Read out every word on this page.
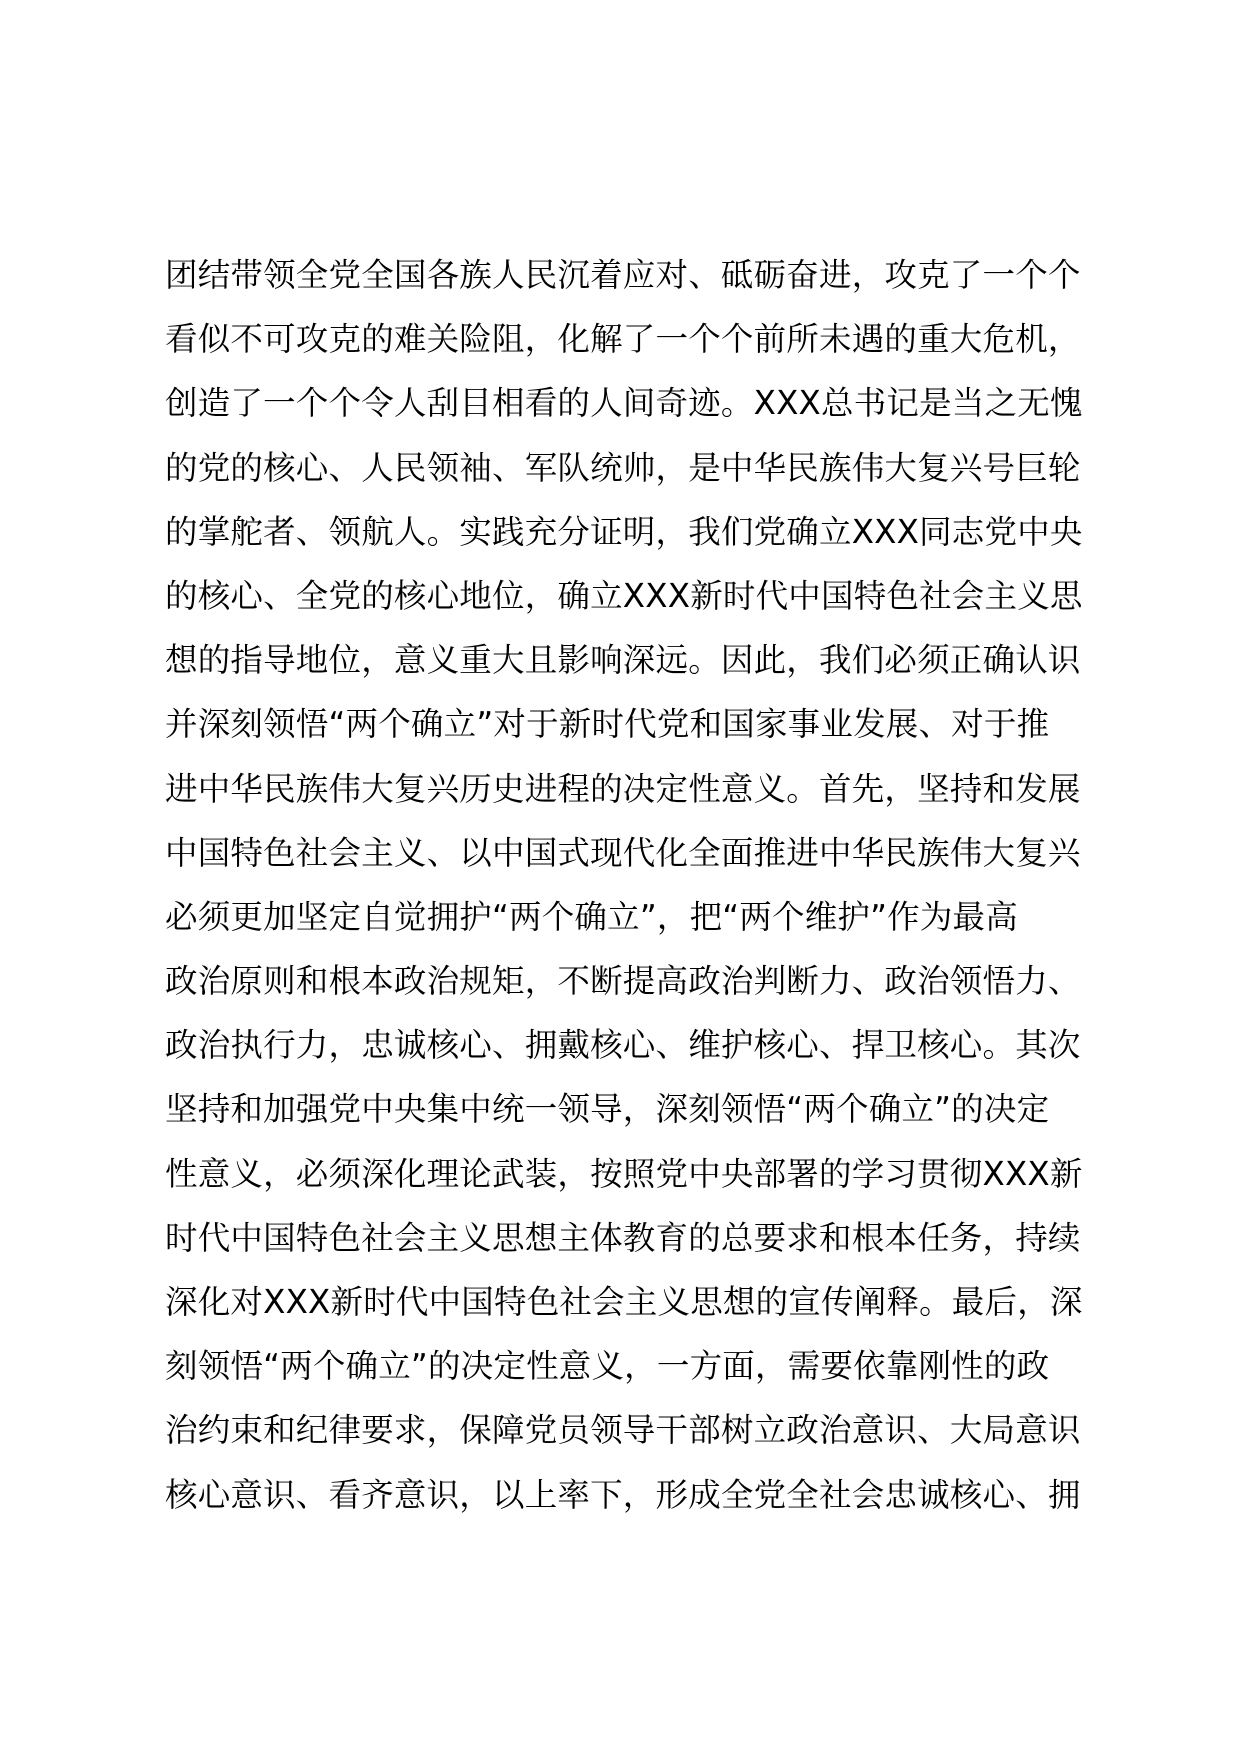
团结带领全党全国各族人民沉着应对、砥砺奋进，攻克了一个个
看似不可攻克的难关险阻，化解了一个个前所未遇的重大危机，
创造了一个个令人刮目相看的人间奇迹。XXX总书记是当之无愧
的党的核心、人民领袖、军队统帅，是中华民族伟大复兴号巨轮
的掌舵者、领航人。实践充分证明，我们党确立XXX同志党中央
的核心、全党的核心地位，确立XXX新时代中国特色社会主义思
想的指导地位，意义重大且影响深远。因此，我们必须正确认识
并深刻领悟“两个确立”对于新时代党和国家事业发展、对于推
进中华民族伟大复兴历史进程的决定性意义。首先，坚持和发展
中国特色社会主义、以中国式现代化全面推进中华民族伟大复兴
必须更加坚定自觉拥护“两个确立”，把“两个维护”作为最高
政治原则和根本政治规矩，不断提高政治判断力、政治领悟力、
政治执行力，忠诚核心、拥戴核心、维护核心、捍卫核心。其次
坚持和加强党中央集中统一领导，深刻领悟“两个确立”的决定
性意义，必须深化理论武装，按照党中央部署的学习贯彻XXX新
时代中国特色社会主义思想主体教育的总要求和根本任务，持续
深化对XXX新时代中国特色社会主义思想的宣传阐释。最后，深
刻领悟“两个确立”的决定性意义，一方面，需要依靠刚性的政
治约束和纪律要求，保障党员领导干部树立政治意识、大局意识
核心意识、看齐意识，以上率下，形成全党全社会忠诚核心、拥
